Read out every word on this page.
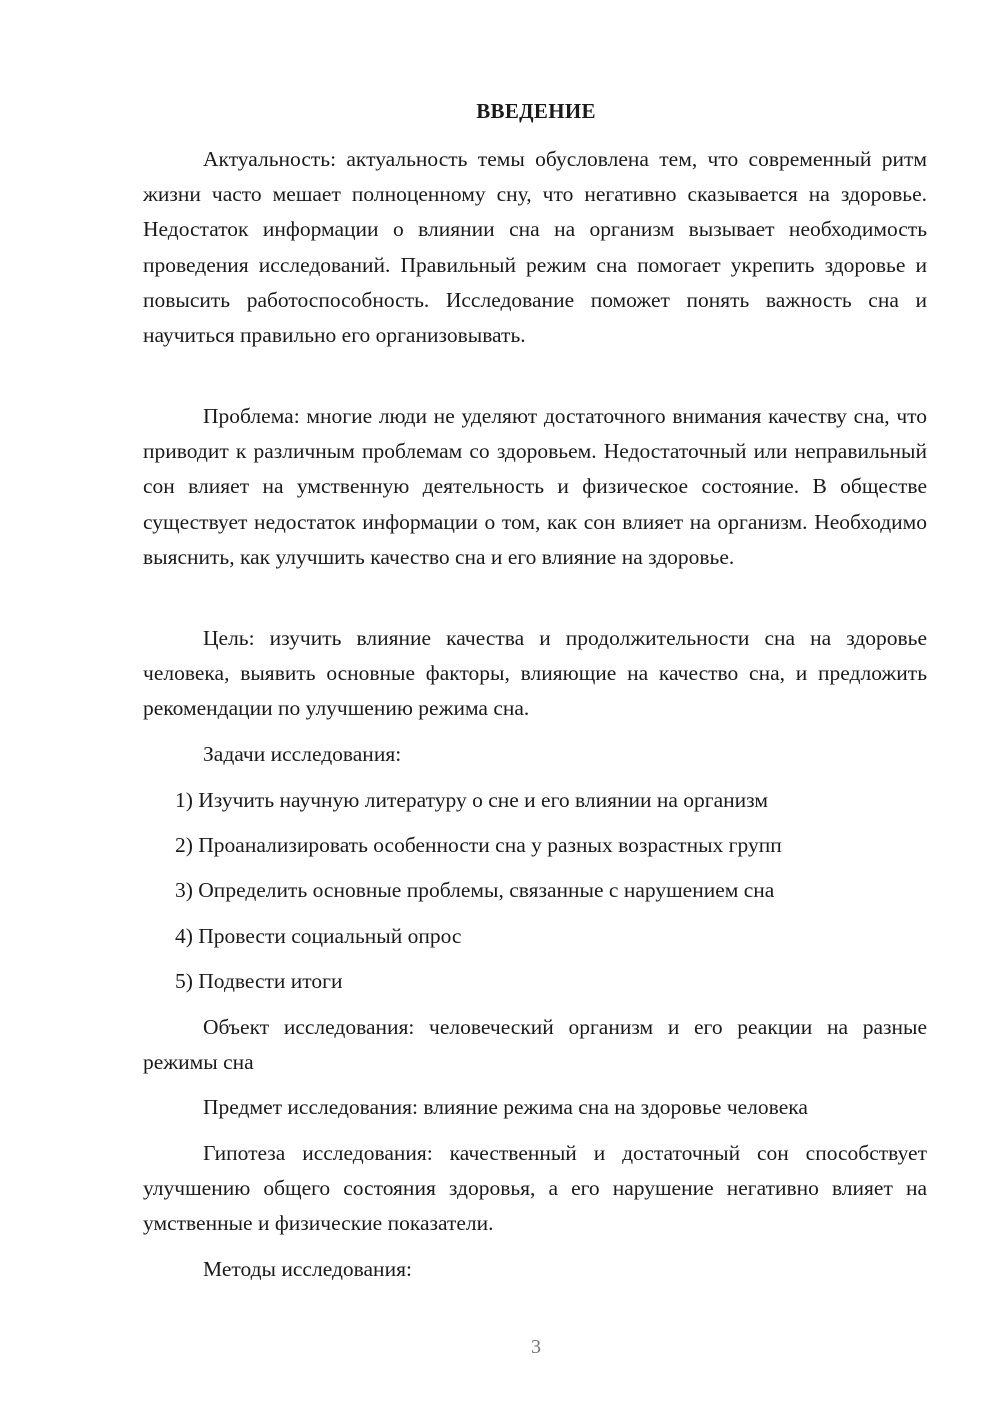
ВВЕДЕНИЕ

Актуальность: актуальность темы обусловлена тем, что современный ритм жизни часто мешает полноценному сну, что негативно сказывается на здоровье. Недостаток информации о влиянии сна на организм вызывает необходимость проведения исследований. Правильный режим сна помогает укрепить здоровье и повысить работоспособность. Исследование поможет понять важность сна и научиться правильно его организовывать.

Проблема: многие люди не уделяют достаточного внимания качеству сна, что приводит к различным проблемам со здоровьем. Недостаточный или неправильный сон влияет на умственную деятельность и физическое состояние. В обществе существует недостаток информации о том, как сон влияет на организм. Необходимо выяснить, как улучшить качество сна и его влияние на здоровье.

Цель: изучить влияние качества и продолжительности сна на здоровье человека, выявить основные факторы, влияющие на качество сна, и предложить рекомендации по улучшению режима сна.

Задачи исследования:
1) Изучить научную литературу о сне и его влиянии на организм
2) Проанализировать особенности сна у разных возрастных групп
3) Определить основные проблемы, связанные с нарушением сна
4) Провести социальный опрос
5) Подвести итоги

Объект исследования: человеческий организм и его реакции на разные режимы сна

Предмет исследования: влияние режима сна на здоровье человека

Гипотеза исследования: качественный и достаточный сон способствует улучшению общего состояния здоровья, а его нарушение негативно влияет на умственные и физические показатели.

Методы исследования:
3
